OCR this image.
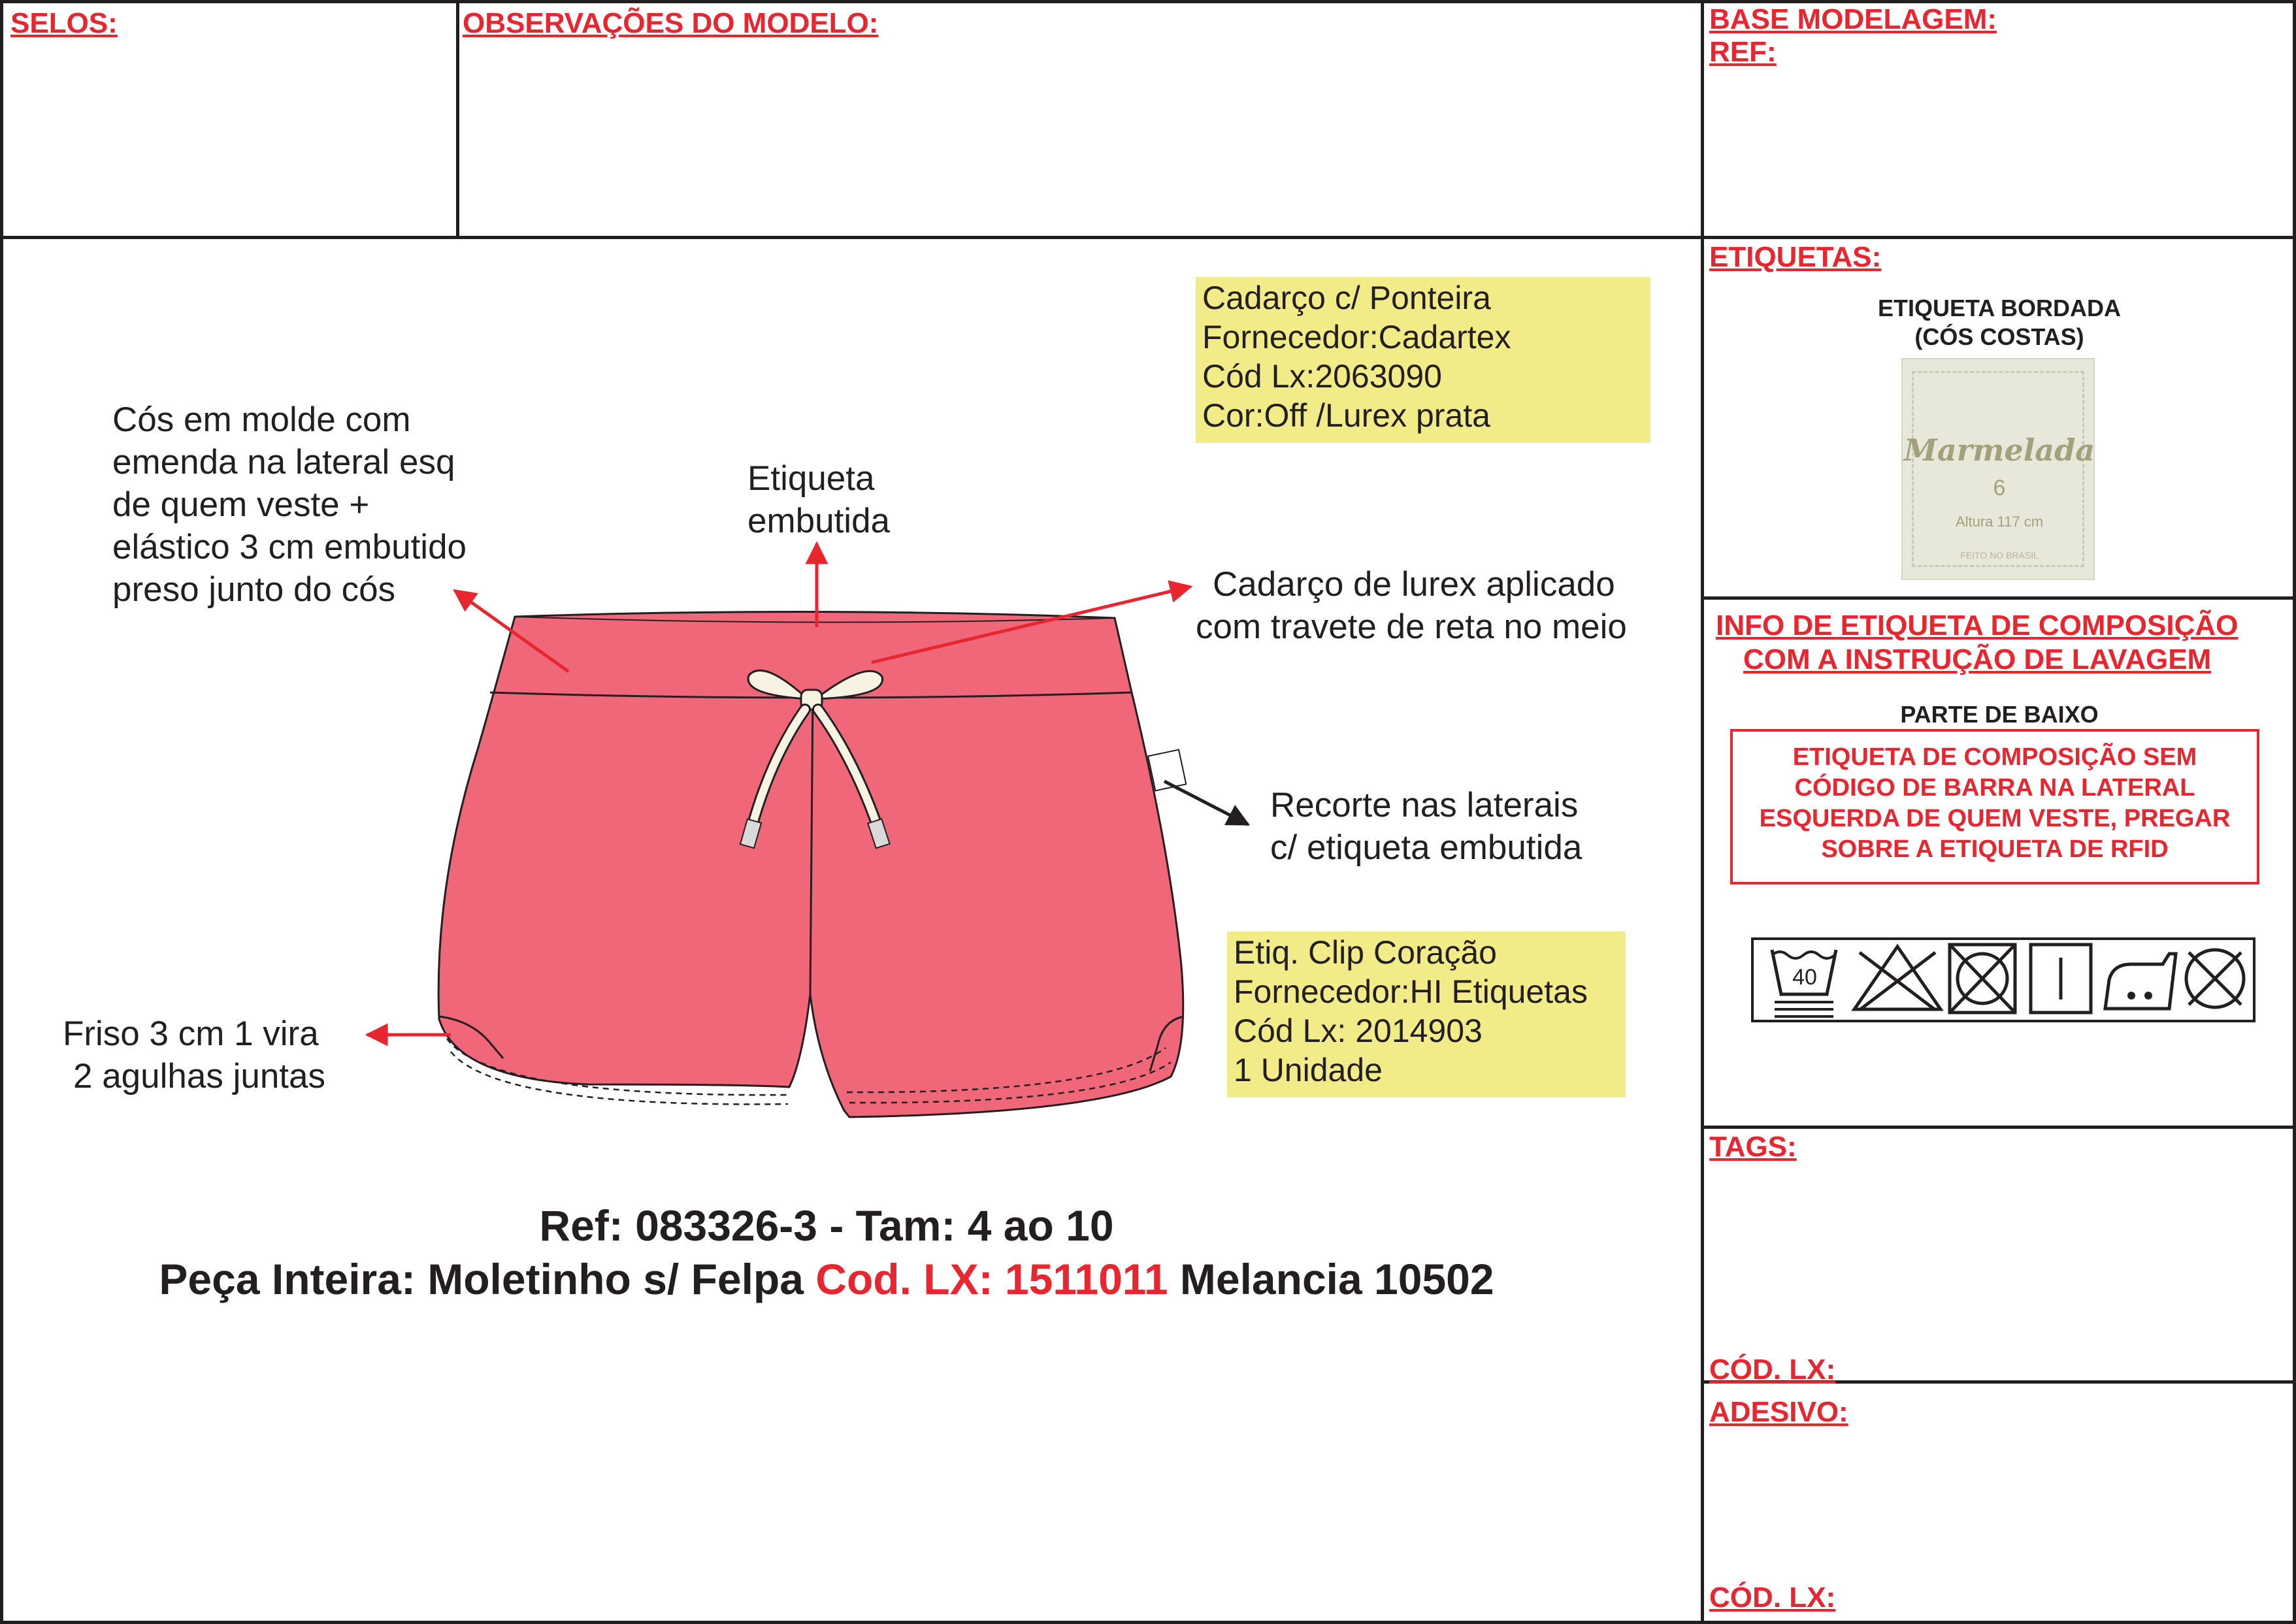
SELOS:	OBSERVAÇÕES DO MODELO:	BASE MODELAGEM:
REF:
ETIQUETAS:
INFO DE ETIQUETA DE COMPOSIÇÃO
COM A INSTRUÇÃO DE LAVAGEM
TAGS:
CÓD. LX:
ADESIVO:
CÓD. LX:
ETIQUETA BORDADA
(CÓS COSTAS)
Marmelada
6
Altura 117 cm
FEITO NO BRASIL
PARTE DE BAIXO
ETIQUETA DE COMPOSIÇÃO SEM
CÓDIGO DE BARRA NA LATERAL
ESQUERDA DE QUEM VESTE, PREGAR
SOBRE A ETIQUETA DE RFID
40
Cós em molde com
emenda na lateral esq
de quem veste +
elástico 3 cm embutido
preso junto do cós
Etiqueta
embutida
Cadarço de lurex aplicado
com travete de reta no meio
Recorte nas laterais
c/ etiqueta embutida
Friso 3 cm 1 vira
2 agulhas juntas
Cadarço c/ Ponteira
Fornecedor:Cadartex
Cód Lx:2063090
Cor:Off /Lurex prata
Etiq. Clip Coração
Fornecedor:HI Etiquetas
Cód Lx: 2014903
1 Unidade
Ref: 083326-3 - Tam: 4 ao 10
Peça Inteira: Moletinho s/ Felpa Cod. LX: 1511011 Melancia 10502
